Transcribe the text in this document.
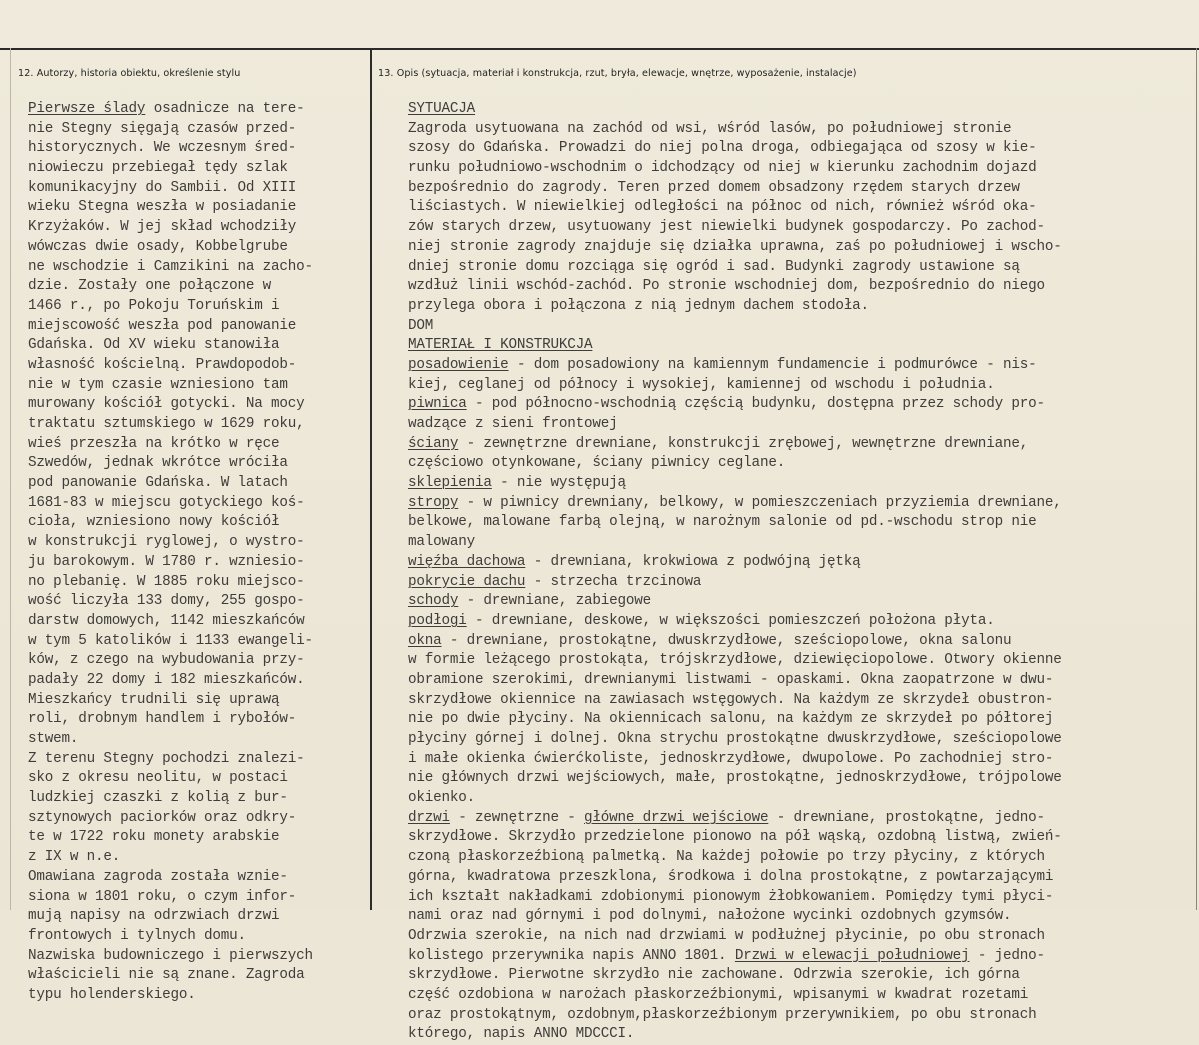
12. Autorzy, historia obiektu, określenie stylu	13. Opis (sytuacja, materiał i konstrukcja, rzut, bryła, elewacje, wnętrze, wyposażenie, instalacje)
Pierwsze ślady osadnicze na tere-
nie Stegny sięgają czasów przed-
historycznych. We wczesnym śred-
niowieczu przebiegał tędy szlak
komunikacyjny do Sambii. Od XIII
wieku Stegna weszła w posiadanie
Krzyżaków. W jej skład wchodziły
wówczas dwie osady, Kobbelgrube
ne wschodzie i Camzikini na zacho-
dzie. Zostały one połączone w
1466 r., po Pokoju Toruńskim i
miejscowość weszła pod panowanie
Gdańska. Od XV wieku stanowiła
własność kościelną. Prawdopodob-
nie w tym czasie wzniesiono tam
murowany kościół gotycki. Na mocy
traktatu sztumskiego w 1629 roku,
wieś przeszła na krótko w ręce
Szwedów, jednak wkrótce wróciła
pod panowanie Gdańska. W latach
1681-83 w miejscu gotyckiego koś-
cioła, wzniesiono nowy kościół
w konstrukcji ryglowej, o wystro-
ju barokowym. W 1780 r. wzniesio-
no plebanię. W 1885 roku miejsco-
wość liczyła 133 domy, 255 gospo-
darstw domowych, 1142 mieszkańców
w tym 5 katolików i 1133 ewangeli-
ków, z czego na wybudowania przy-
padały 22 domy i 182 mieszkańców.
Mieszkańcy trudnili się uprawą
roli, drobnym handlem i rybołów-
stwem.
Z terenu Stegny pochodzi znalezi-
sko z okresu neolitu, w postaci
ludzkiej czaszki z kolią z bur-
sztynowych paciorków oraz odkry-
te w 1722 roku monety arabskie
z IX w n.e.
Omawiana zagroda została wznie-
siona w 1801 roku, o czym infor-
mują napisy na odrzwiach drzwi
frontowych i tylnych domu.
Nazwiska budowniczego i pierwszych
właścicieli nie są znane. Zagroda
typu holenderskiego.
SYTUACJA
Zagroda usytuowana na zachód od wsi, wśród lasów, po południowej stronie
szosy do Gdańska. Prowadzi do niej polna droga, odbiegająca od szosy w kie-
runku południowo-wschodnim o idchodzący od niej w kierunku zachodnim dojazd
bezpośrednio do zagrody. Teren przed domem obsadzony rzędem starych drzew
liściastych. W niewielkiej odległości na północ od nich, również wśród oka-
zów starych drzew, usytuowany jest niewielki budynek gospodarczy. Po zachod-
niej stronie zagrody znajduje się działka uprawna, zaś po południowej i wscho-
dniej stronie domu rozciąga się ogród i sad. Budynki zagrody ustawione są
wzdłuż linii wschód-zachód. Po stronie wschodniej dom, bezpośrednio do niego
przylega obora i połączona z nią jednym dachem stodoła.
DOM
MATERIAŁ I KONSTRUKCJA
posadowienie - dom posadowiony na kamiennym fundamencie i podmurówce - nis-
kiej, ceglanej od północy i wysokiej, kamiennej od wschodu i południa.
piwnica - pod północno-wschodnią częścią budynku, dostępna przez schody pro-
wadzące z sieni frontowej
ściany - zewnętrzne drewniane, konstrukcji zrębowej, wewnętrzne drewniane,
częściowo otynkowane, ściany piwnicy ceglane.
sklepienia - nie występują
stropy - w piwnicy drewniany, belkowy, w pomieszczeniach przyziemia drewniane,
belkowe, malowane farbą olejną, w narożnym salonie od pd.-wschodu strop nie
malowany
więźba dachowa - drewniana, krokwiowa z podwójną jętką
pokrycie dachu - strzecha trzcinowa
schody - drewniane, zabiegowe
podłogi - drewniane, deskowe, w większości pomieszczeń położona płyta.
okna - drewniane, prostokątne, dwuskrzydłowe, sześciopolowe, okna salonu
w formie leżącego prostokąta, trójskrzydłowe, dziewięciopolowe. Otwory okienne
obramione szerokimi, drewnianymi listwami - opaskami. Okna zaopatrzone w dwu-
skrzydłowe okiennice na zawiasach wstęgowych. Na każdym ze skrzydeł obustron-
nie po dwie płyciny. Na okiennicach salonu, na każdym ze skrzydeł po półtorej
płyciny górnej i dolnej. Okna strychu prostokątne dwuskrzydłowe, sześciopolowe
i małe okienka ćwierćkoliste, jednoskrzydłowe, dwupolowe. Po zachodniej stro-
nie głównych drzwi wejściowych, małe, prostokątne, jednoskrzydłowe, trójpolowe
okienko.
drzwi - zewnętrzne - główne drzwi wejściowe - drewniane, prostokątne, jedno-
skrzydłowe. Skrzydło przedzielone pionowo na pół wąską, ozdobną listwą, zwień-
czoną płaskorzeźbioną palmetką. Na każdej połowie po trzy płyciny, z których
górna, kwadratowa przeszklona, środkowa i dolna prostokątne, z powtarzającymi
ich kształt nakładkami zdobionymi pionowym żłobkowaniem. Pomiędzy tymi płyci-
nami oraz nad górnymi i pod dolnymi, nałożone wycinki ozdobnych gzymsów.
Odrzwia szerokie, na nich nad drzwiami w podłużnej płycinie, po obu stronach
kolistego przerywnika napis ANNO 1801. Drzwi w elewacji południowej - jedno-
skrzydłowe. Pierwotne skrzydło nie zachowane. Odrzwia szerokie, ich górna
część ozdobiona w narożach płaskorzeźbionymi, wpisanymi w kwadrat rozetami
oraz prostokątnym, ozdobnym,płaskorzeźbionym przerywnikiem, po obu stronach
którego, napis ANNO MDCCCI.
